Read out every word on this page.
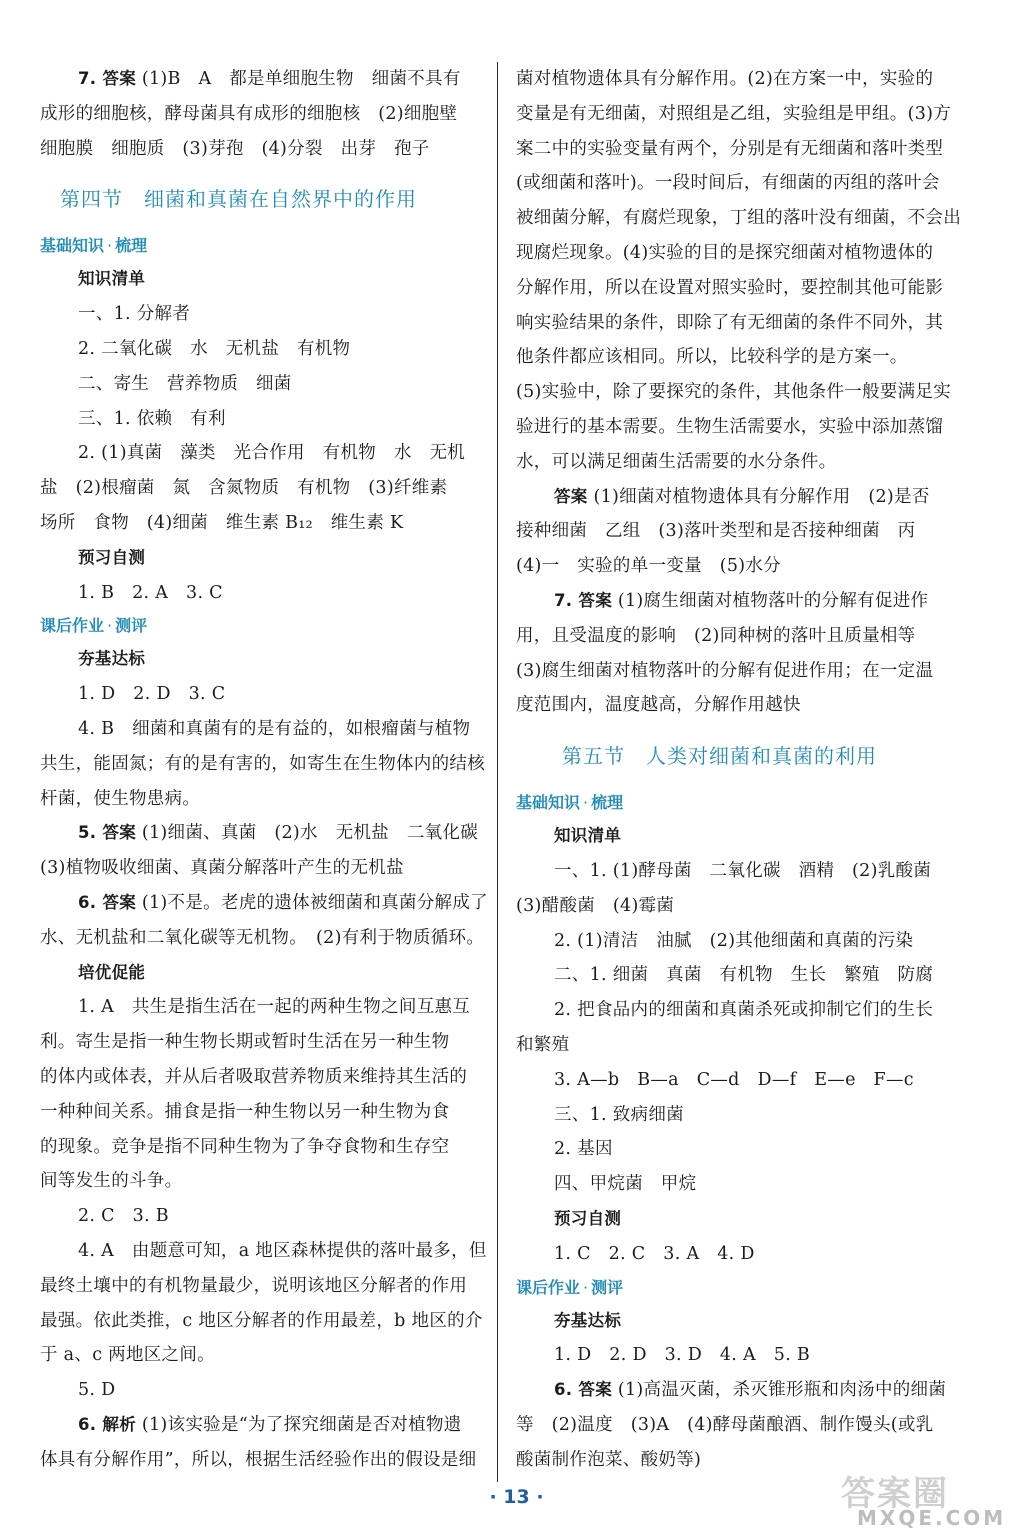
7. 答案 (1)B　A　都是单细胞生物　细菌不具有
成形的细胞核，酵母菌具有成形的细胞核　(2)细胞壁
细胞膜　细胞质　(3)芽孢　(4)分裂　出芽　孢子
第四节　细菌和真菌在自然界中的作用
基础知识 · 梳理
知识清单
一、1. 分解者
2. 二氧化碳　水　无机盐　有机物
二、寄生　营养物质　细菌
三、1. 依赖　有利
2. (1)真菌　藻类　光合作用　有机物　水　无机
盐　(2)根瘤菌　氮　含氮物质　有机物　(3)纤维素
场所　食物　(4)细菌　维生素 B₁₂　维生素 K
预习自测
1. B　2. A　3. C
课后作业 · 测评
夯基达标
1. D　2. D　3. C
4. B　细菌和真菌有的是有益的，如根瘤菌与植物
共生，能固氮；有的是有害的，如寄生在生物体内的结核
杆菌，使生物患病。
5. 答案 (1)细菌、真菌　(2)水　无机盐　二氧化碳
(3)植物吸收细菌、真菌分解落叶产生的无机盐
6. 答案 (1)不是。老虎的遗体被细菌和真菌分解成了
水、无机盐和二氧化碳等无机物。　(2)有利于物质循环。
培优促能
1. A　共生是指生活在一起的两种生物之间互惠互
利。寄生是指一种生物长期或暂时生活在另一种生物
的体内或体表，并从后者吸取营养物质来维持其生活的
一种种间关系。捕食是指一种生物以另一种生物为食
的现象。竞争是指不同种生物为了争夺食物和生存空
间等发生的斗争。
2. C　3. B
4. A　由题意可知，a 地区森林提供的落叶最多，但
最终土壤中的有机物量最少，说明该地区分解者的作用
最强。依此类推，c 地区分解者的作用最差，b 地区的介
于 a、c 两地区之间。
5. D
6. 解析 (1)该实验是“为了探究细菌是否对植物遗
体具有分解作用”，所以，根据生活经验作出的假设是细
菌对植物遗体具有分解作用。(2)在方案一中，实验的
变量是有无细菌，对照组是乙组，实验组是甲组。(3)方
案二中的实验变量有两个，分别是有无细菌和落叶类型
(或细菌和落叶)。一段时间后，有细菌的丙组的落叶会
被细菌分解，有腐烂现象，丁组的落叶没有细菌，不会出
现腐烂现象。(4)实验的目的是探究细菌对植物遗体的
分解作用，所以在设置对照实验时，要控制其他可能影
响实验结果的条件，即除了有无细菌的条件不同外，其
他条件都应该相同。所以，比较科学的是方案一。
(5)实验中，除了要探究的条件，其他条件一般要满足实
验进行的基本需要。生物生活需要水，实验中添加蒸馏
水，可以满足细菌生活需要的水分条件。
答案 (1)细菌对植物遗体具有分解作用　(2)是否
接种细菌　乙组　(3)落叶类型和是否接种细菌　丙
(4)一　实验的单一变量　(5)水分
7. 答案 (1)腐生细菌对植物落叶的分解有促进作
用，且受温度的影响　(2)同种树的落叶且质量相等
(3)腐生细菌对植物落叶的分解有促进作用；在一定温
度范围内，温度越高，分解作用越快
第五节　人类对细菌和真菌的利用
基础知识 · 梳理
知识清单
一、1. (1)酵母菌　二氧化碳　酒精　(2)乳酸菌
(3)醋酸菌　(4)霉菌
2. (1)清洁　油腻　(2)其他细菌和真菌的污染
二、1. 细菌　真菌　有机物　生长　繁殖　防腐
2. 把食品内的细菌和真菌杀死或抑制它们的生长
和繁殖
3. A—b　B—a　C—d　D—f　E—e　F—c
三、1. 致病细菌
2. 基因
四、甲烷菌　甲烷
预习自测
1. C　2. C　3. A　4. D
课后作业 · 测评
夯基达标
1. D　2. D　3. D　4. A　5. B
6. 答案 (1)高温灭菌，杀灭锥形瓶和肉汤中的细菌
等　(2)温度　(3)A　(4)酵母菌酿酒、制作馒头(或乳
酸菌制作泡菜、酸奶等)
· 13 ·	答案圈
MXQE.COM
